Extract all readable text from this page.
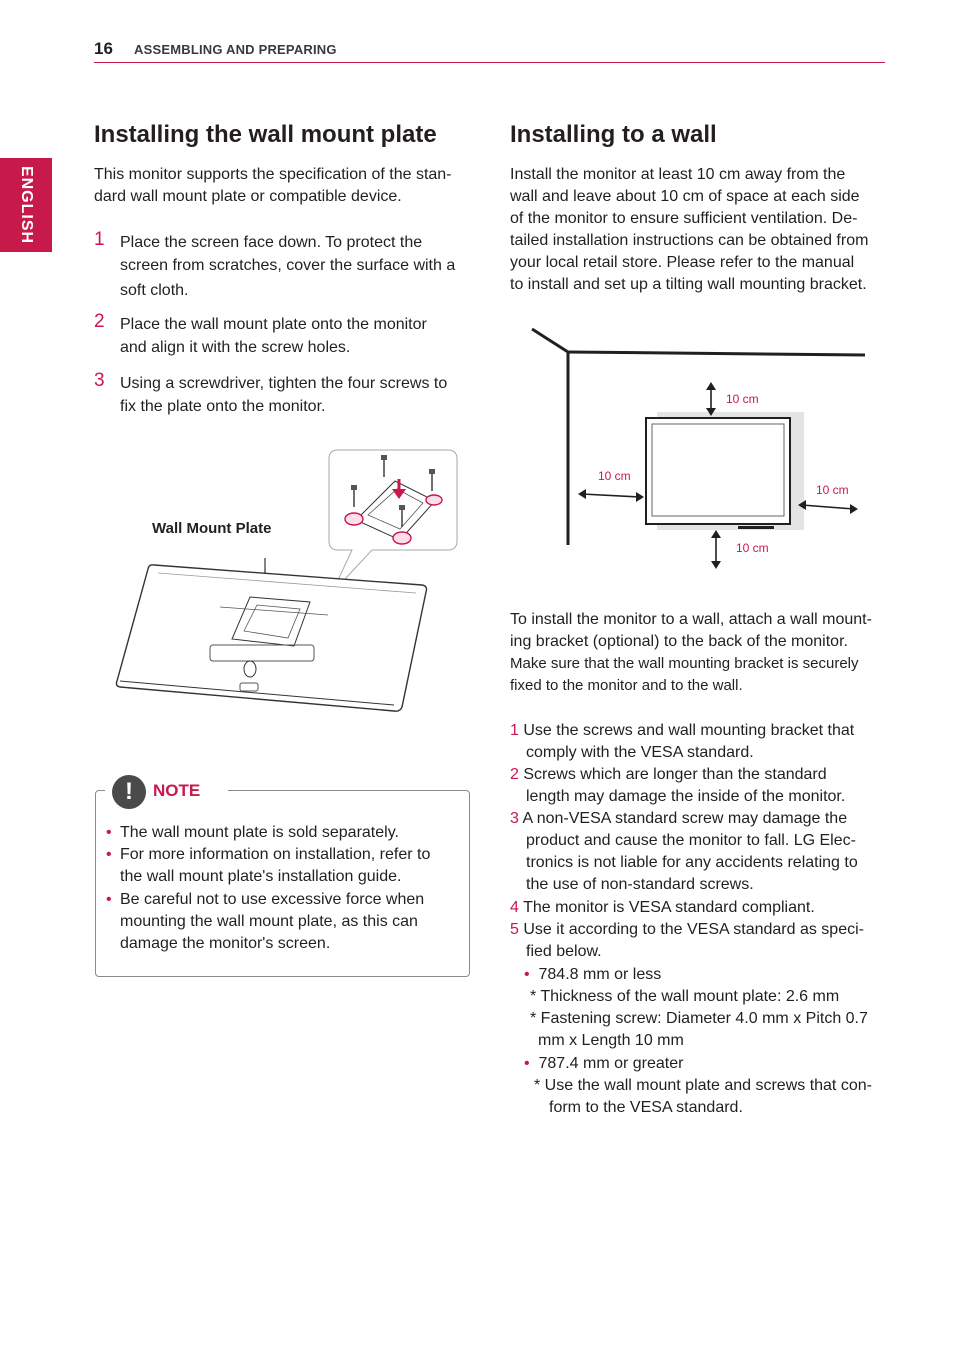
16 ASSEMBLING AND PREPARING
ENGLISH
Installing the wall mount plate
This monitor supports the specification of the stan-
dard wall mount plate or compatible device.
1 Place the screen face down. To protect the
screen from scratches, cover the surface with a
soft cloth.
2 Place the wall mount plate onto the monitor
and align it with the screw holes.
3 Using a screwdriver, tighten the four screws to
fix the plate onto the monitor.
Wall Mount Plate
!	NOTE
• The wall mount plate is sold separately.
• For more information on installation, refer to
the wall mount plate's installation guide.
• Be careful not to use excessive force when
mounting the wall mount plate, as this can
damage the monitor's screen.
Installing to a wall
Install the monitor at least 10 cm away from the
wall and leave about 10 cm of space at each side
of the monitor to ensure sufficient ventilation. De-
tailed installation instructions can be obtained from
your local retail store. Please refer to the manual
to install and set up a tilting wall mounting bracket.
10 cm
10 cm
10 cm
10 cm
To install the monitor to a wall, attach a wall mount-
ing bracket (optional) to the back of the monitor.
Make sure that the wall mounting bracket is securely
fixed to the monitor and to the wall.
1 Use the screws and wall mounting bracket that
comply with the VESA standard.
2 Screws which are longer than the standard
length may damage the inside of the monitor.
3 A non-VESA standard screw may damage the
product and cause the monitor to fall. LG Elec-
tronics is not liable for any accidents relating to
the use of non-standard screws.
4 The monitor is VESA standard compliant.
5 Use it according to the VESA standard as speci-
fied below.
• 784.8 mm or less
* Thickness of the wall mount plate: 2.6 mm
* Fastening screw: Diameter 4.0 mm x Pitch 0.7
mm x Length 10 mm
• 787.4 mm or greater
* Use the wall mount plate and screws that con-
form to the VESA standard.
